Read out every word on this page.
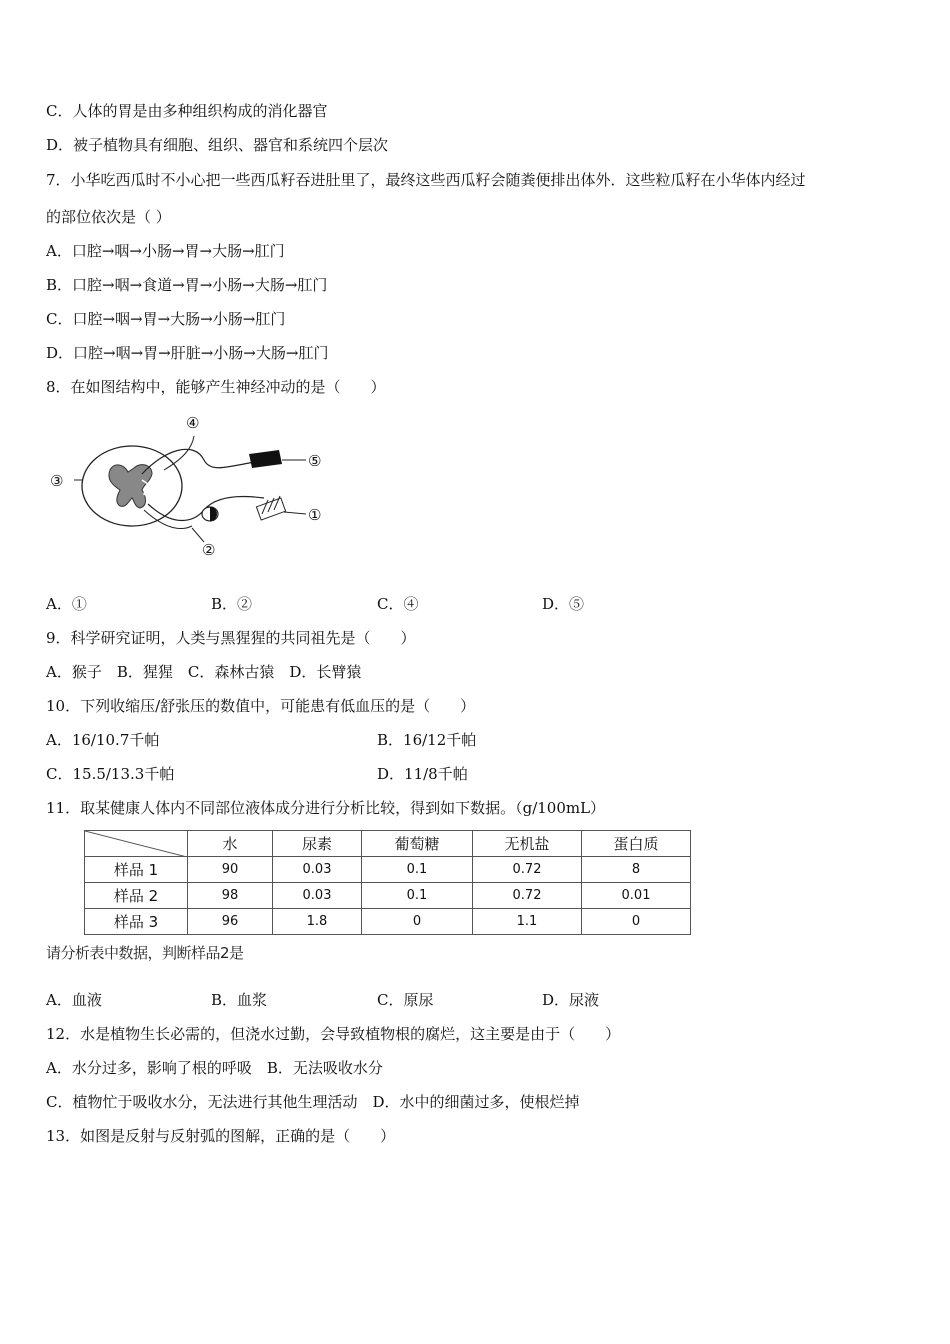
C．人体的胃是由多种组织构成的消化器官
D．被子植物具有细胞、组织、器官和系统四个层次
7．小华吃西瓜时不小心把一些西瓜籽吞进肚里了，最终这些西瓜籽会随粪便排出体外．这些粒瓜籽在小华体内经过
的部位依次是（ ）
A．口腔→咽→小肠→胃→大肠→肛门
B．口腔→咽→食道→胃→小肠→大肠→肛门
C．口腔→咽→胃→大肠→小肠→肛门
D．口腔→咽→胃→肝脏→小肠→大肠→肛门
8．在如图结构中，能够产生神经冲动的是（　　）
④
⑤
③
①
②
A．①	B．②	C．④	D．⑤
9．科学研究证明，人类与黑猩猩的共同祖先是（　　）
A．猴子　B．猩猩　C．森林古猿　D．长臂猿
10．下列收缩压/舒张压的数值中，可能患有低血压的是（　　）
A．16/10.7千帕	B．16/12千帕
C．15.5/13.3千帕	D．11/8千帕
11．取某健康人体内不同部位液体成分进行分析比较，得到如下数据。（g/100mL）
	水	尿素	葡萄糖	无机盐	蛋白质
样品 1	90	0.03	0.1	0.72	8
样品 2	98	0.03	0.1	0.72	0.01
样品 3	96	1.8	0	1.1	0
请分析表中数据，判断样品2是
A．血液	B．血浆	C．原尿	D．尿液
12．水是植物生长必需的，但浇水过勤，会导致植物根的腐烂，这主要是由于（　　）
A．水分过多，影响了根的呼吸　B．无法吸收水分
C．植物忙于吸收水分，无法进行其他生理活动　D．水中的细菌过多，使根烂掉
13．如图是反射与反射弧的图解，正确的是（　　）
